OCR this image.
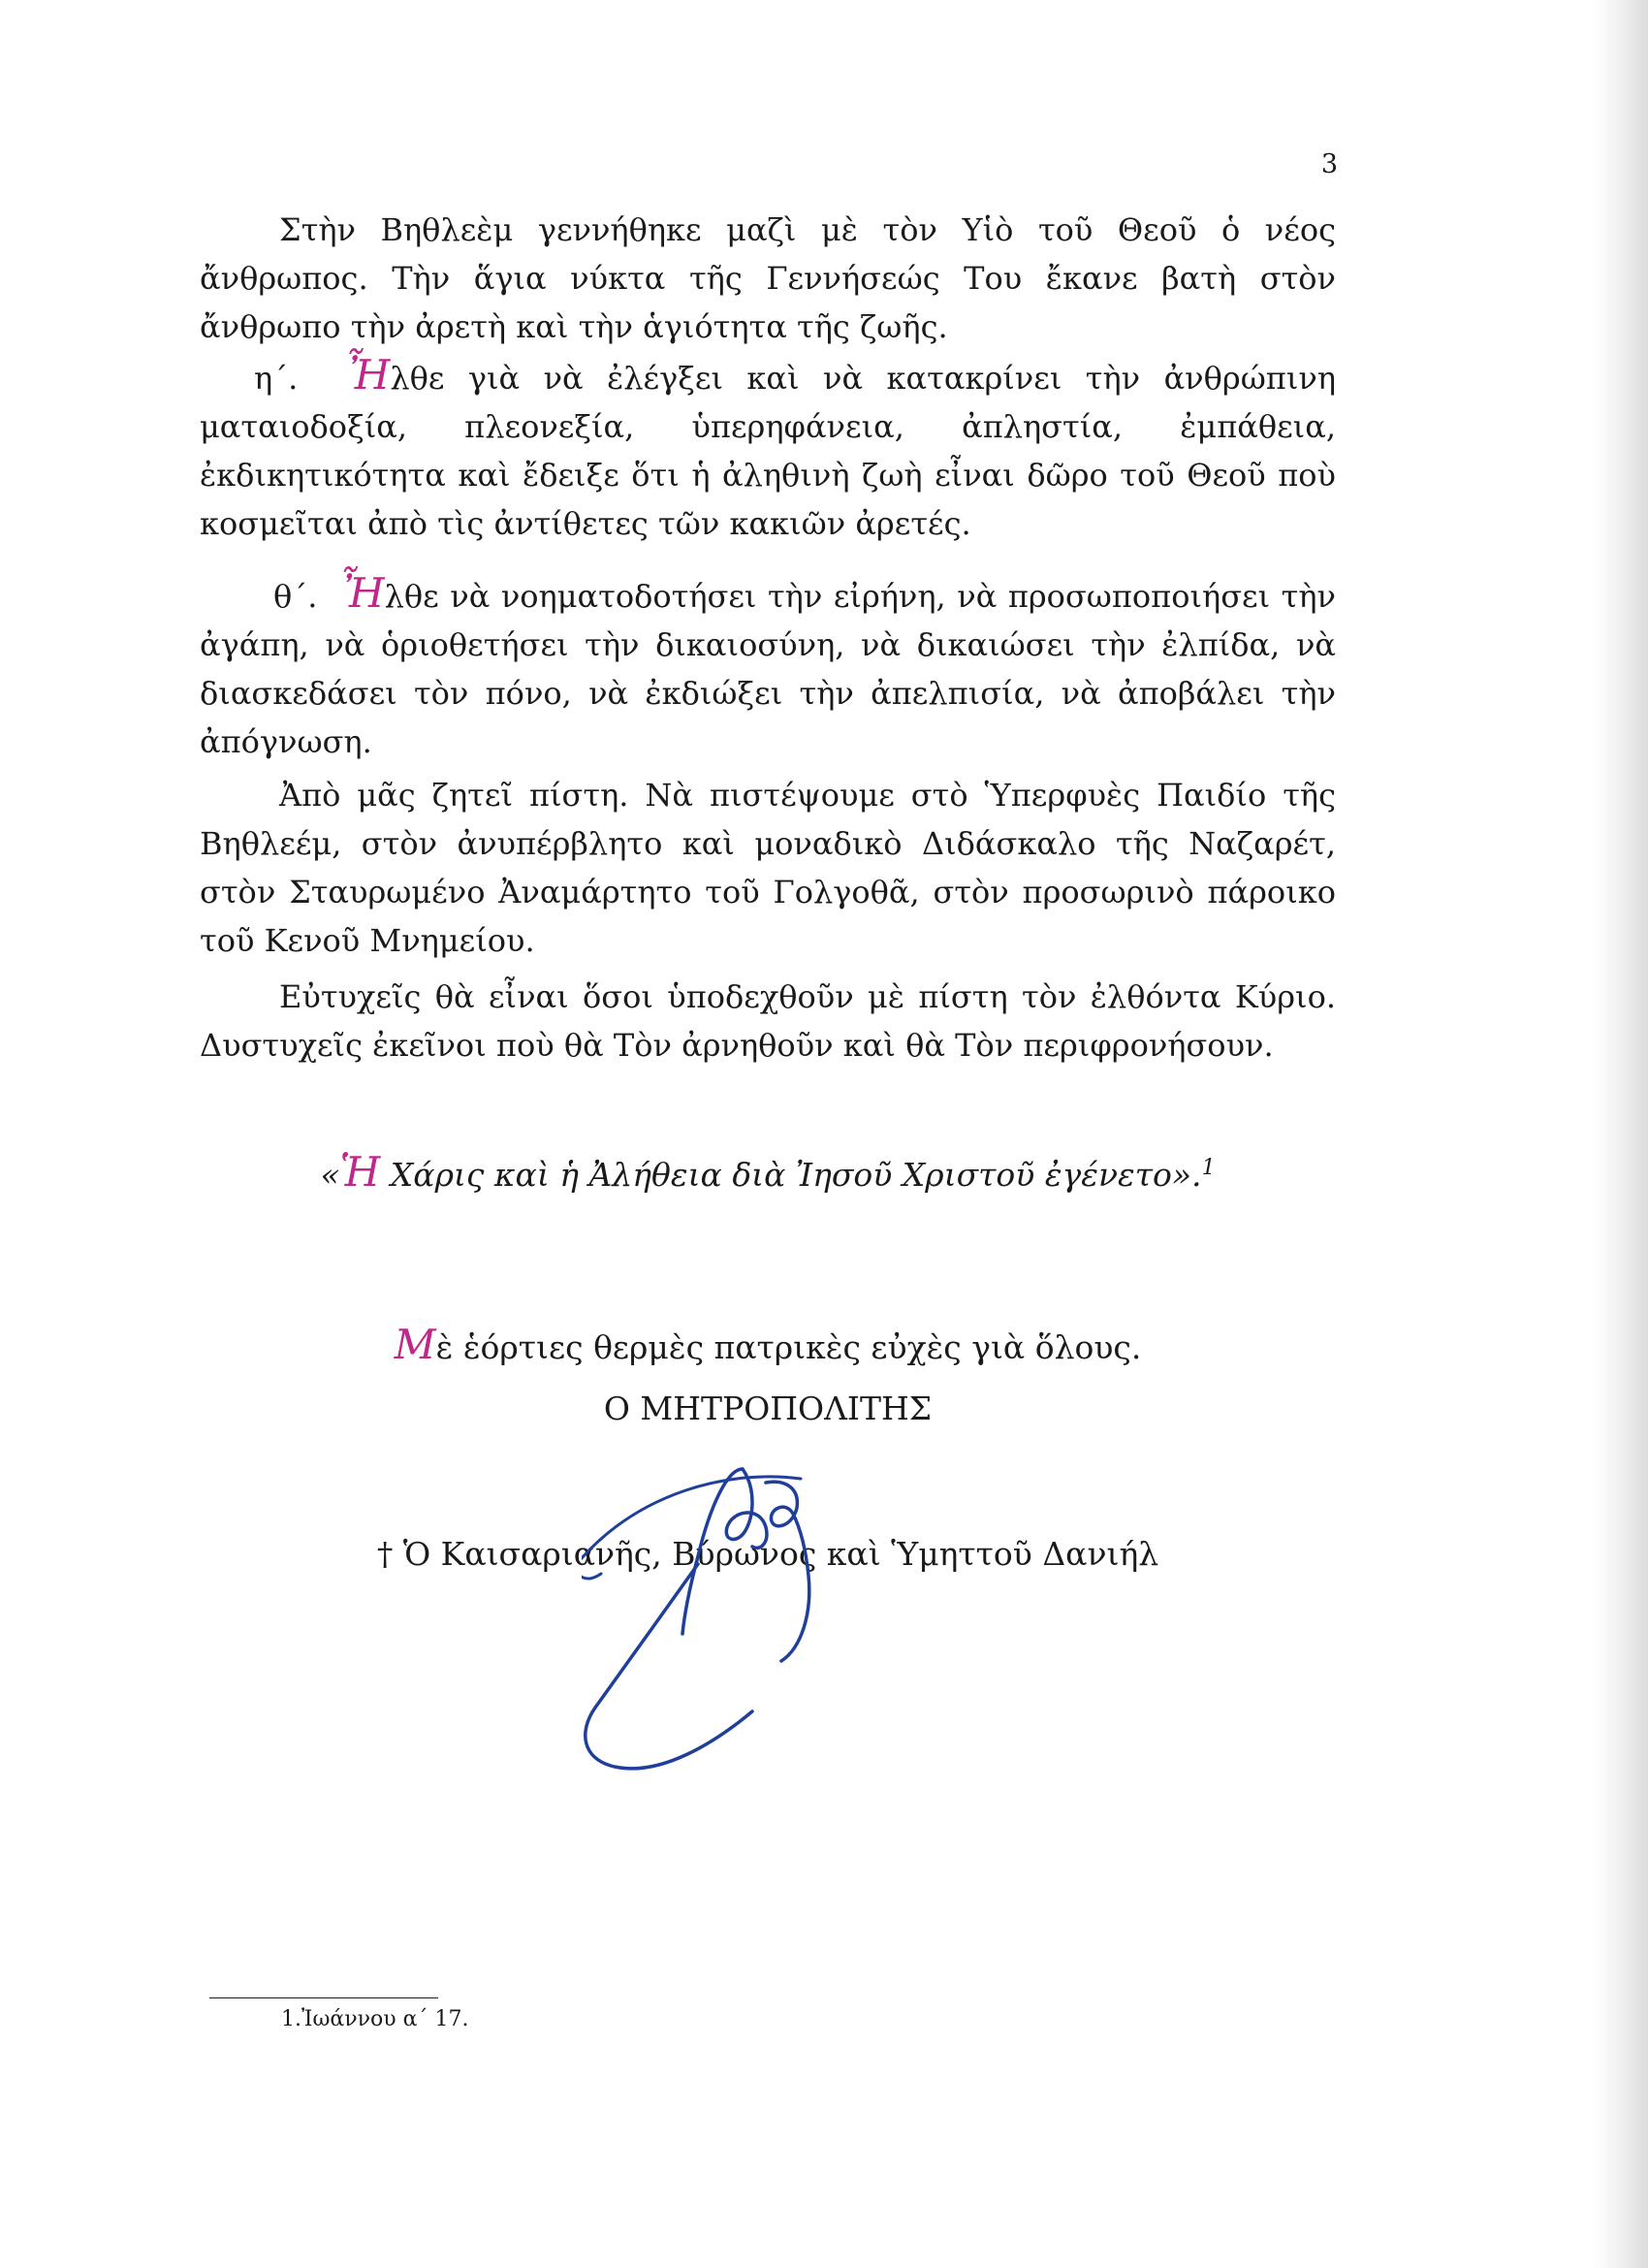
3
Στὴν Βηθλεὲμ γεννήθηκε μαζὶ μὲ τὸν Υἱὸ τοῦ Θεοῦ ὁ νέος ἄνθρωπος. Τὴν ἅγια νύκτα τῆς Γεννήσεώς Του ἔκανε βατὴ στὸν ἄνθρωπο τὴν ἀρετὴ καὶ τὴν ἁγιότητα τῆς ζωῆς.
η΄. Ἦλθε γιὰ νὰ ἐλέγξει καὶ νὰ κατακρίνει τὴν ἀνθρώπινη ματαιοδοξία, πλεονεξία, ὑπερηφάνεια, ἀπληστία, ἐμπάθεια, ἐκδικητικότητα καὶ ἔδειξε ὅτι ἡ ἀληθινὴ ζωὴ εἶναι δῶρο τοῦ Θεοῦ ποὺ κοσμεῖται ἀπὸ τὶς ἀντίθετες τῶν κακιῶν ἀρετές.
θ΄. Ἦλθε νὰ νοηματοδοτήσει τὴν εἰρήνη, νὰ προσωποποιήσει τὴν ἀγάπη, νὰ ὁριοθετήσει τὴν δικαιοσύνη, νὰ δικαιώσει τὴν ἐλπίδα, νὰ διασκεδάσει τὸν πόνο, νὰ ἐκδιώξει τὴν ἀπελπισία, νὰ ἀποβάλει τὴν ἀπόγνωση.
Ἀπὸ μᾶς ζητεῖ πίστη. Νὰ πιστέψουμε στὸ Ὑπερφυὲς Παιδίο τῆς Βηθλεέμ, στὸν ἀνυπέρβλητο καὶ μοναδικὸ Διδάσκαλο τῆς Ναζαρέτ, στὸν Σταυρωμένο Ἀναμάρτητο τοῦ Γολγοθᾶ, στὸν προσωρινὸ πάροικο τοῦ Κενοῦ Μνημείου.
Εὐτυχεῖς θὰ εἶναι ὅσοι ὑποδεχθοῦν μὲ πίστη τὸν ἐλθόντα Κύριο. Δυστυχεῖς ἐκεῖνοι ποὺ θὰ Τὸν ἀρνηθοῦν καὶ θὰ Τὸν περιφρονήσουν.
«Ἡ Χάρις καὶ ἡ Ἀλήθεια διὰ Ἰησοῦ Χριστοῦ ἐγένετο».$^1$
Μὲ ἑόρτιες θερμὲς πατρικὲς εὐχὲς γιὰ ὅλους.
Ο ΜΗΤΡΟΠΟΛΙΤΗΣ
† Ὁ Καισαριανῆς, Βύρωνος καὶ Ὑμηττοῦ Δανιήλ
1.Ἰωάννου α΄ 17.
